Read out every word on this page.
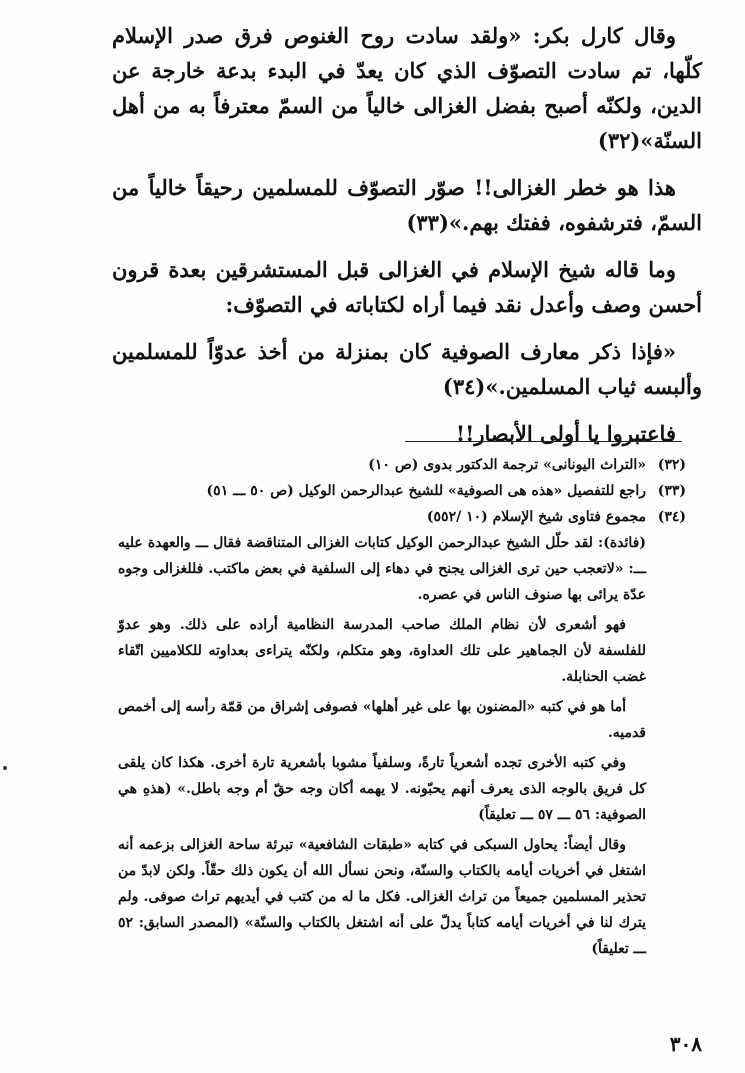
وقال كارل بكر: «ولقد سادت روح الغنوص فرق صدر الإسلام كلّها، تم سادت التصوّف الذي كان يعدّ في البدء بدعة خارجة عن الدين، ولكنّه أصبح بفضل الغزالى خالياً من السمّ معترفاً به من أهل السنّة»(٣٢)

هذا هو خطر الغزالى!! صوّر التصوّف للمسلمين رحيقاً خالياً من السمّ، فترشفوه، ففتك بهم.»(٣٣)

وما قاله شيخ الإسلام في الغزالى قبل المستشرقين بعدة قرون أحسن وصف وأعدل نقد فيما أراه لكتاباته في التصوّف:

«فإذا ذكر معارف الصوفية كان بمنزلة من أخذ عدوّاً للمسلمين وألبسه ثياب المسلمين.»(٣٤)

فاعتبروا يا أولى الأبصار!!

(٣٢)
«التراث اليونانى» ترجمة الدكتور بدوى (ص ١٠)
(٣٣)
راجع للتفصيل «هذه هى الصوفية» للشيخ عبدالرحمن الوكيل (ص ٥٠ ـــ ٥١)
(٣٤)
مجموع فتاوى شيخ الإسلام (١٠ /٥٥٢)

(فائدة): لقد حلّل الشيخ عبدالرحمن الوكيل كتابات الغزالى المتناقضة فقال ـــ والعهدة عليه ـــ: «لاتعجب حين ترى الغزالى يجنح في دهاء إلى السلفية في بعض ماكتب. فللغزالى وجوه عدّة يرائى بها صنوف الناس في عصره.

فهو أشعرى لأن نظام الملك صاحب المدرسة النظامية أراده على ذلك. وهو عدوّ للفلسفة لأن الجماهير على تلك العداوة، وهو متكلم، ولكنّه يتراءى بعداوته للكلاميين اتّقاء غضب الحنابلة.

أما هو في كتبه «المضنون بها على غير أهلها» فصوفى إشراق من قمّة رأسه إلى أخمص قدميه.

وفي كتبه الأخرى تجده أشعرياً تارةً، وسلفياً مشوبا بأشعرية تارة أخرى. هكذا كان يلقى كل فريق بالوجه الذى يعرف أنهم يحبّونه. لا يهمه أكان وجه حقّ أم وجه باطل.» (هذهِ هي الصوفية: ٥٦ ـــ ٥٧ ـــ تعليقاً)

وقال أيضاً: يحاول السبكى في كتابه «طبقات الشافعية» تبرئة ساحة الغزالى بزعمه أنه اشتغل في أخريات أيامه بالكتاب والسنّة، ونحن نسأل الله أن يكون ذلك حقّاً. ولكن لابدّ من تحذير المسلمين جميعاً من تراث الغزالى. فكل ما له من كتب في أيديهم تراث صوفى. ولم يترك لنا في أخريات أيامه كتاباً يدلّ على أنه اشتغل بالكتاب والسنّة» (المصدر السابق: ٥٢ ـــ تعليقاً)

٣٠٨
